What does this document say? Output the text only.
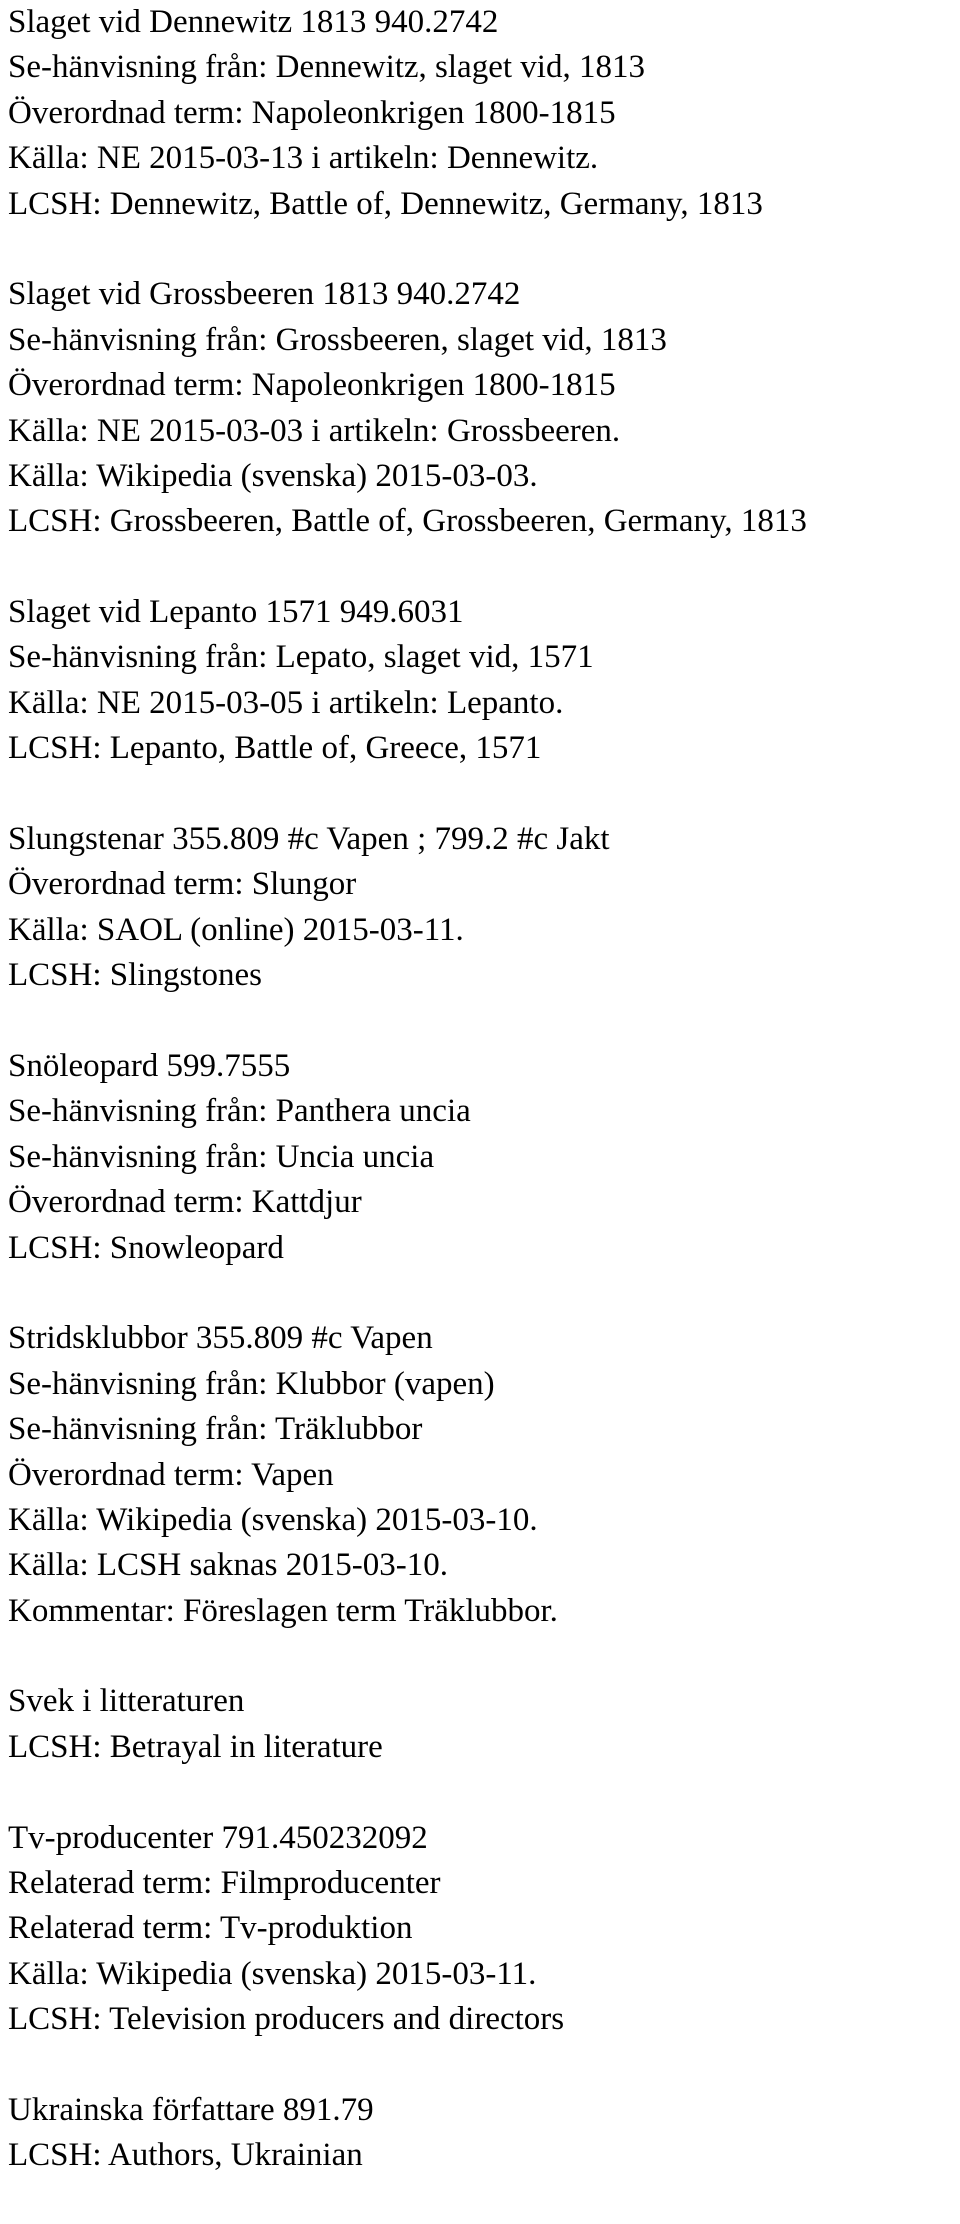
Slaget vid Dennewitz 1813 940.2742
Se-hänvisning från: Dennewitz, slaget vid, 1813
Överordnad term: Napoleonkrigen 1800-1815
Källa: NE 2015-03-13 i artikeln: Dennewitz.
LCSH: Dennewitz, Battle of, Dennewitz, Germany, 1813
Slaget vid Grossbeeren 1813 940.2742
Se-hänvisning från: Grossbeeren, slaget vid, 1813
Överordnad term: Napoleonkrigen 1800-1815
Källa: NE 2015-03-03 i artikeln: Grossbeeren.
Källa: Wikipedia (svenska) 2015-03-03.
LCSH: Grossbeeren, Battle of, Grossbeeren, Germany, 1813
Slaget vid Lepanto 1571 949.6031
Se-hänvisning från: Lepato, slaget vid, 1571
Källa: NE 2015-03-05 i artikeln: Lepanto.
LCSH: Lepanto, Battle of, Greece, 1571
Slungstenar 355.809 #c Vapen ; 799.2 #c Jakt
Överordnad term: Slungor
Källa: SAOL (online) 2015-03-11.
LCSH: Slingstones
Snöleopard 599.7555
Se-hänvisning från: Panthera uncia
Se-hänvisning från: Uncia uncia
Överordnad term: Kattdjur
LCSH: Snowleopard
Stridsklubbor 355.809 #c Vapen
Se-hänvisning från: Klubbor (vapen)
Se-hänvisning från: Träklubbor
Överordnad term: Vapen
Källa: Wikipedia (svenska) 2015-03-10.
Källa: LCSH saknas 2015-03-10.
Kommentar: Föreslagen term Träklubbor.
Svek i litteraturen
LCSH: Betrayal in literature
Tv-producenter 791.450232092
Relaterad term: Filmproducenter
Relaterad term: Tv-produktion
Källa: Wikipedia (svenska) 2015-03-11.
LCSH: Television producers and directors
Ukrainska författare 891.79
LCSH: Authors, Ukrainian
